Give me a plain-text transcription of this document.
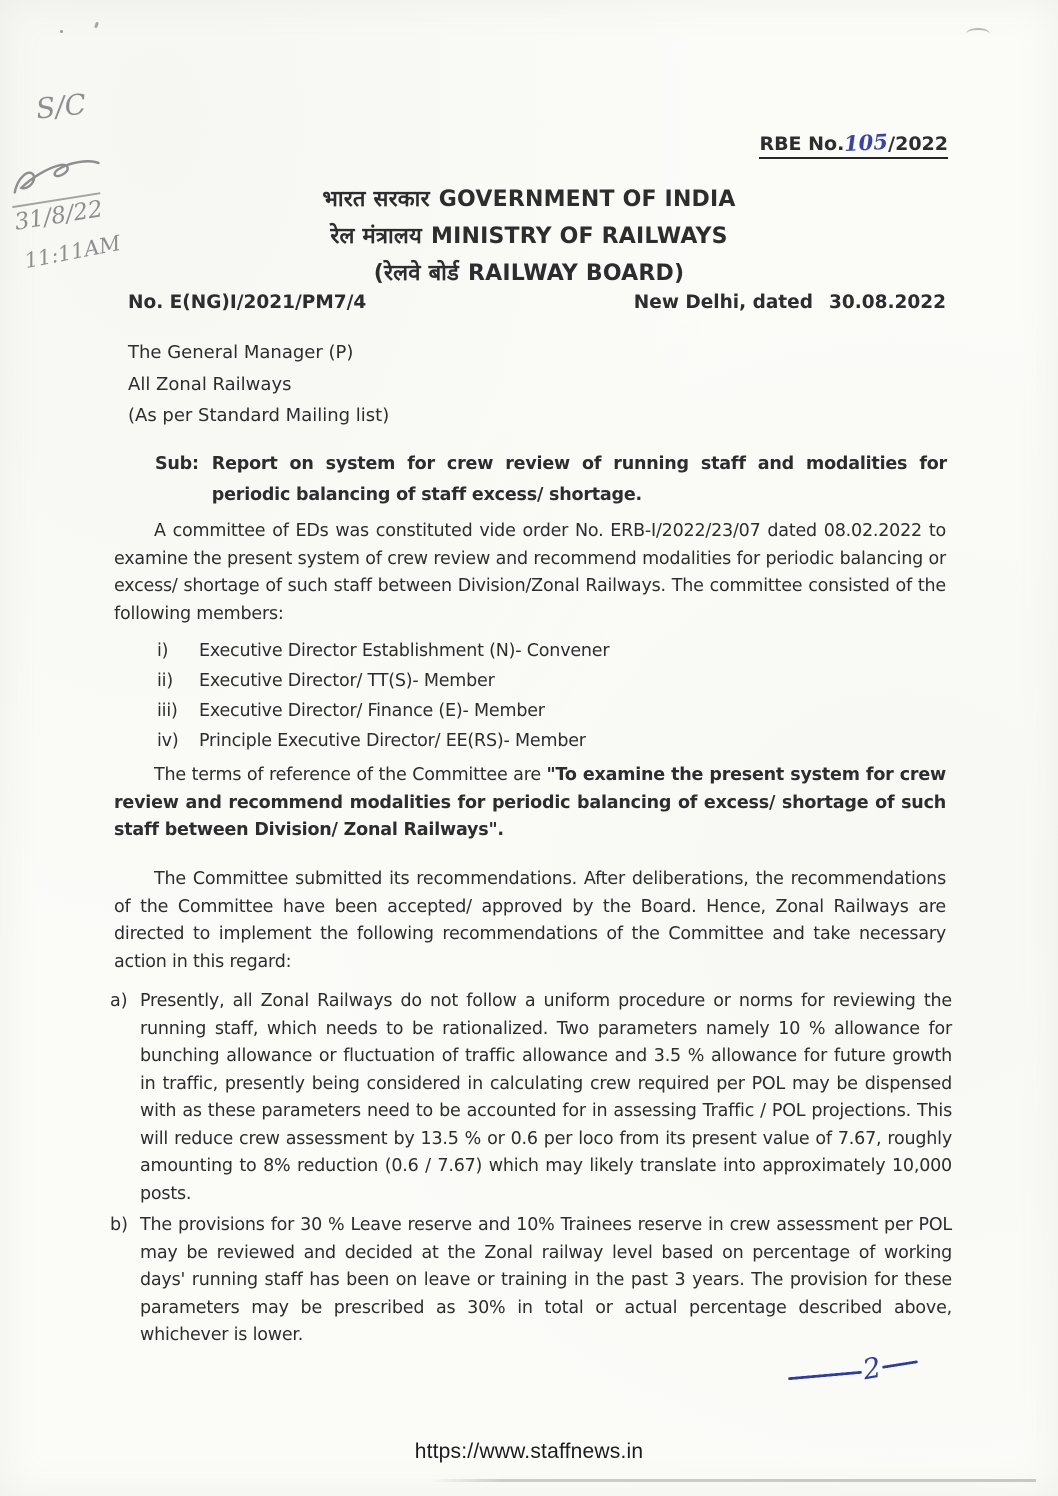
S/C
31/8/22
11:11AM
RBE No.105/2022
भारत सरकार GOVERNMENT OF INDIA
रेल मंत्रालय MINISTRY OF RAILWAYS
(रेलवे बोर्ड RAILWAY BOARD)
No. E(NG)I/2021/PM7/4	New Delhi, dated 30.08.2022
The General Manager (P)
All Zonal Railways
(As per Standard Mailing list)
Sub: Report on system for crew review of running staff and modalities for periodic balancing of staff excess/ shortage.
A committee of EDs was constituted vide order No. ERB-I/2022/23/07 dated 08.02.2022 to examine the present system of crew review and recommend modalities for periodic balancing or excess/ shortage of such staff between Division/Zonal Railways. The committee consisted of the following members:
i)	Executive Director Establishment (N)- Convener
ii)	Executive Director/ TT(S)- Member
iii)	Executive Director/ Finance (E)- Member
iv)	Principle Executive Director/ EE(RS)- Member
The terms of reference of the Committee are "To examine the present system for crew review and recommend modalities for periodic balancing of excess/ shortage of such staff between Division/ Zonal Railways".
The Committee submitted its recommendations. After deliberations, the recommendations of the Committee have been accepted/ approved by the Board. Hence, Zonal Railways are directed to implement the following recommendations of the Committee and take necessary action in this regard:
a) Presently, all Zonal Railways do not follow a uniform procedure or norms for reviewing the running staff, which needs to be rationalized. Two parameters namely 10 % allowance for bunching allowance or fluctuation of traffic allowance and 3.5 % allowance for future growth in traffic, presently being considered in calculating crew required per POL may be dispensed with as these parameters need to be accounted for in assessing Traffic / POL projections. This will reduce crew assessment by 13.5 % or 0.6 per loco from its present value of 7.67, roughly amounting to 8% reduction (0.6 / 7.67) which may likely translate into approximately 10,000 posts.
b) The provisions for 30 % Leave reserve and 10% Trainees reserve in crew assessment per POL may be reviewed and decided at the Zonal railway level based on percentage of working days' running staff has been on leave or training in the past 3 years. The provision for these parameters may be prescribed as 30% in total or actual percentage described above, whichever is lower.
2
https://www.staffnews.in
